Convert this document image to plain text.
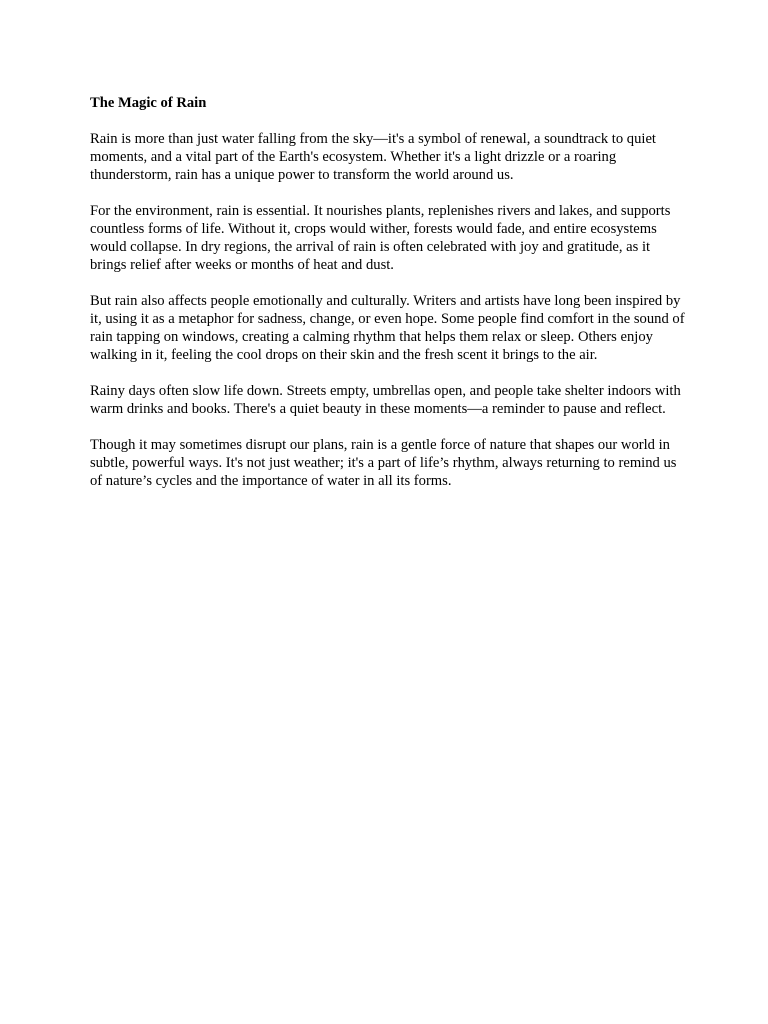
The Magic of Rain

Rain is more than just water falling from the sky—it's a symbol of renewal, a soundtrack to quiet moments, and a vital part of the Earth's ecosystem. Whether it's a light drizzle or a roaring thunderstorm, rain has a unique power to transform the world around us.

For the environment, rain is essential. It nourishes plants, replenishes rivers and lakes, and supports countless forms of life. Without it, crops would wither, forests would fade, and entire ecosystems would collapse. In dry regions, the arrival of rain is often celebrated with joy and gratitude, as it brings relief after weeks or months of heat and dust.

But rain also affects people emotionally and culturally. Writers and artists have long been inspired by it, using it as a metaphor for sadness, change, or even hope. Some people find comfort in the sound of rain tapping on windows, creating a calming rhythm that helps them relax or sleep. Others enjoy walking in it, feeling the cool drops on their skin and the fresh scent it brings to the air.

Rainy days often slow life down. Streets empty, umbrellas open, and people take shelter indoors with warm drinks and books. There's a quiet beauty in these moments—a reminder to pause and reflect.

Though it may sometimes disrupt our plans, rain is a gentle force of nature that shapes our world in subtle, powerful ways. It's not just weather; it's a part of life’s rhythm, always returning to remind us of nature’s cycles and the importance of water in all its forms.
